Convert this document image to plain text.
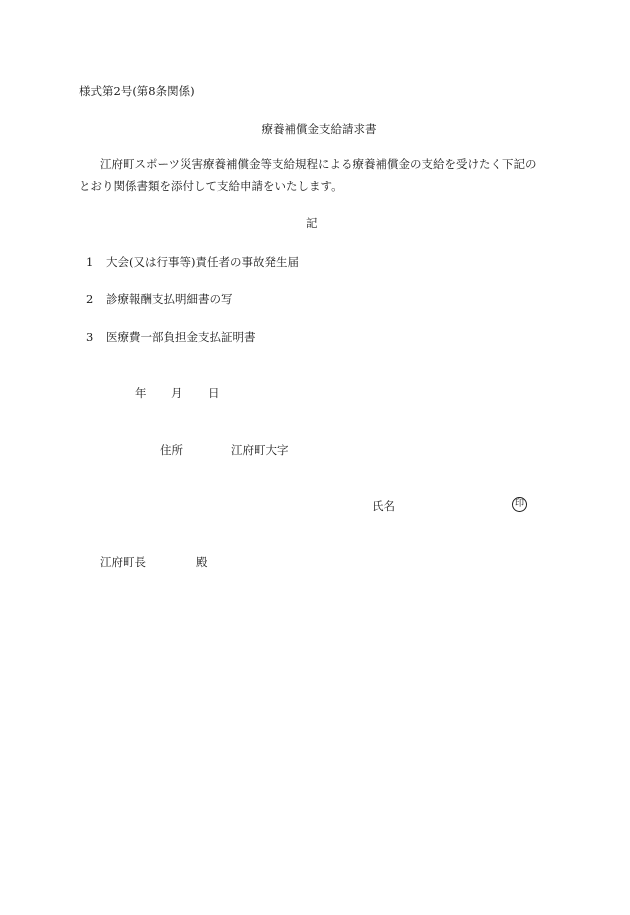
様式第2号(第8条関係)
療養補償金支給請求書
江府町スポーツ災害療養補償金等支給規程による療養補償金の支給を受けたく下記の
とおり関係書類を添付して支給申請をいたします。
記
1 大会(又は行事等)責任者の事故発生届
2 診療報酬支払明細書の写
3 医療費一部負担金支払証明書
年 月 日
住所	江府町大字
氏名	印
江府町長	殿
